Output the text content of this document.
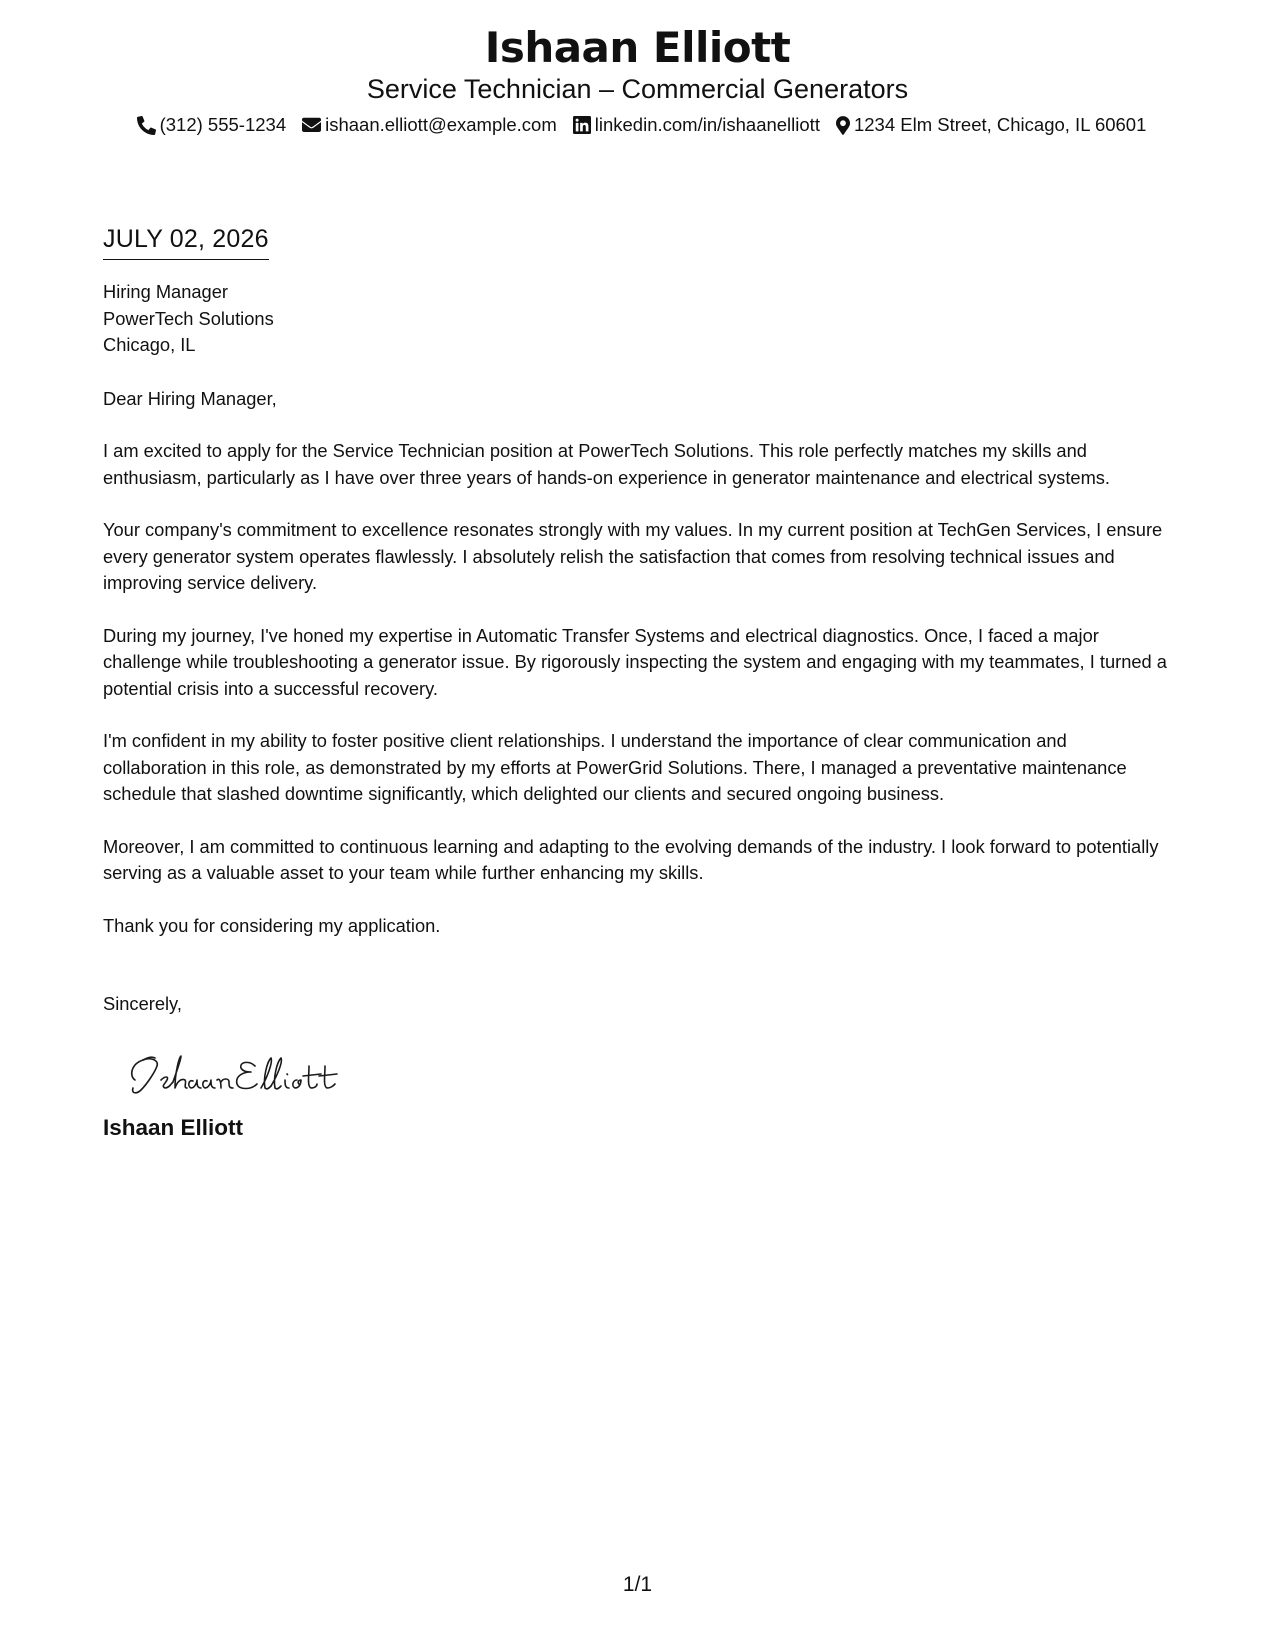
Ishaan Elliott
Service Technician – Commercial Generators
(312) 555-1234 ishaan.elliott@example.com linkedin.com/in/ishaanelliott 1234 Elm Street, Chicago, IL 60601
JULY 02, 2026
Hiring Manager
PowerTech Solutions
Chicago, IL
Dear Hiring Manager,
I am excited to apply for the Service Technician position at PowerTech Solutions. This role perfectly matches my skills and enthusiasm, particularly as I have over three years of hands-on experience in generator maintenance and electrical systems.
Your company's commitment to excellence resonates strongly with my values. In my current position at TechGen Services, I ensure every generator system operates flawlessly. I absolutely relish the satisfaction that comes from resolving technical issues and improving service delivery.
During my journey, I've honed my expertise in Automatic Transfer Systems and electrical diagnostics. Once, I faced a major challenge while troubleshooting a generator issue. By rigorously inspecting the system and engaging with my teammates, I turned a potential crisis into a successful recovery.
I'm confident in my ability to foster positive client relationships. I understand the importance of clear communication and collaboration in this role, as demonstrated by my efforts at PowerGrid Solutions. There, I managed a preventative maintenance schedule that slashed downtime significantly, which delighted our clients and secured ongoing business.
Moreover, I am committed to continuous learning and adapting to the evolving demands of the industry. I look forward to potentially serving as a valuable asset to your team while further enhancing my skills.
Thank you for considering my application.
Sincerely,
Ishaan Elliott
1/1
